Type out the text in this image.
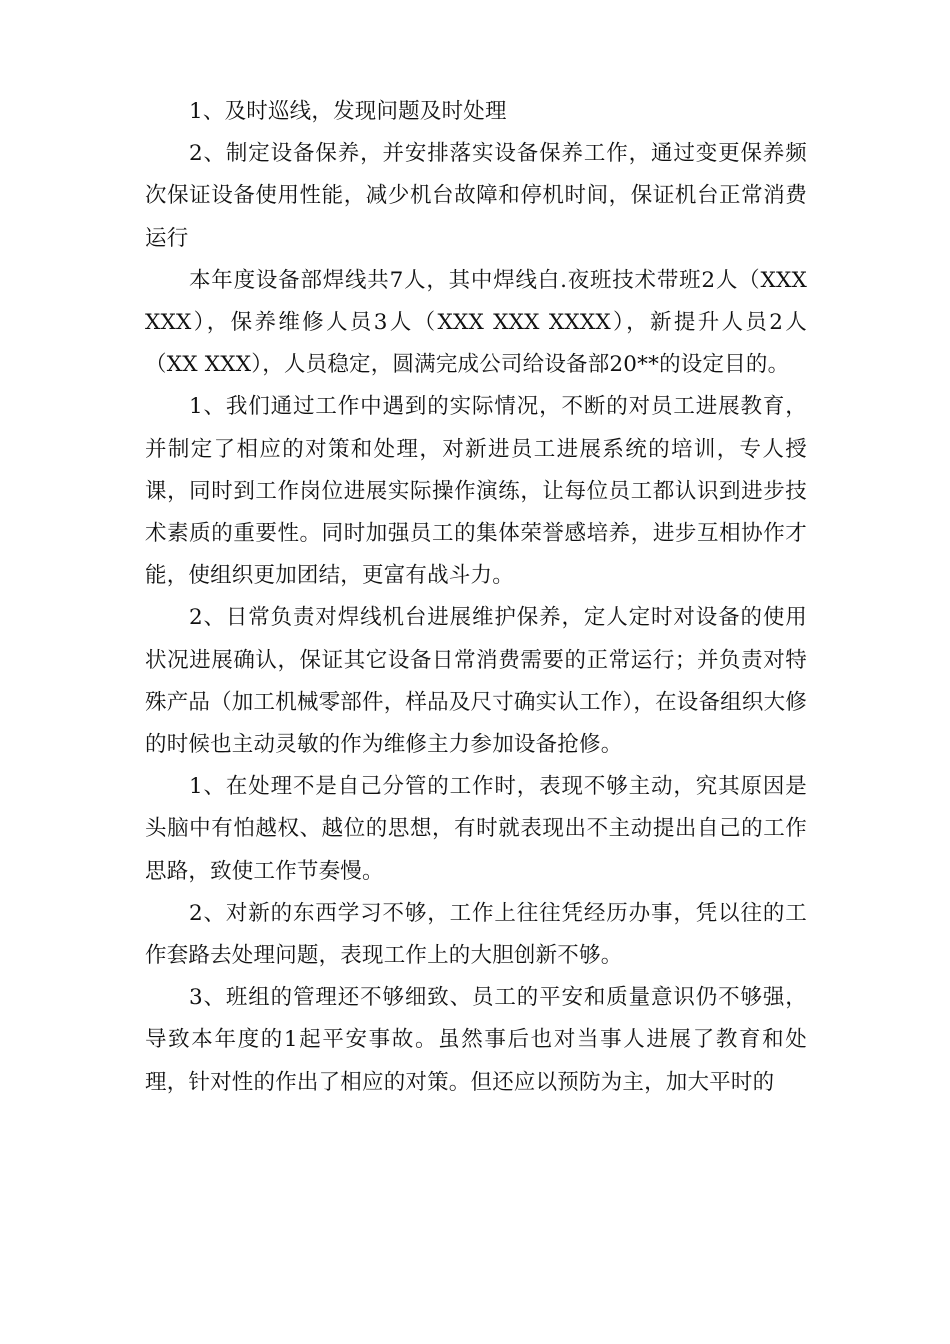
1、及时巡线，发现问题及时处理

2、制定设备保养，并安排落实设备保养工作，通过变更保养频次保证设备使用性能，减少机台故障和停机时间，保证机台正常消费运行

本年度设备部焊线共7人，其中焊线白.夜班技术带班2人（XXX XXX），保养维修人员3人（XXX XXX XXXX），新提升人员2人（XX XXX），人员稳定，圆满完成公司给设备部20**的设定目的。

1、我们通过工作中遇到的实际情况，不断的对员工进展教育，并制定了相应的对策和处理，对新进员工进展系统的培训，专人授课，同时到工作岗位进展实际操作演练，让每位员工都认识到进步技术素质的重要性。同时加强员工的集体荣誉感培养，进步互相协作才能，使组织更加团结，更富有战斗力。

2、日常负责对焊线机台进展维护保养，定人定时对设备的使用状况进展确认，保证其它设备日常消费需要的正常运行；并负责对特殊产品（加工机械零部件，样品及尺寸确实认工作），在设备组织大修的时候也主动灵敏的作为维修主力参加设备抢修。

1、在处理不是自己分管的工作时，表现不够主动，究其原因是头脑中有怕越权、越位的思想，有时就表现出不主动提出自己的工作思路，致使工作节奏慢。

2、对新的东西学习不够，工作上往往凭经历办事，凭以往的工作套路去处理问题，表现工作上的大胆创新不够。

3、班组的管理还不够细致、员工的平安和质量意识仍不够强，导致本年度的1起平安事故。虽然事后也对当事人进展了教育和处理，针对性的作出了相应的对策。但还应以预防为主，加大平时的
